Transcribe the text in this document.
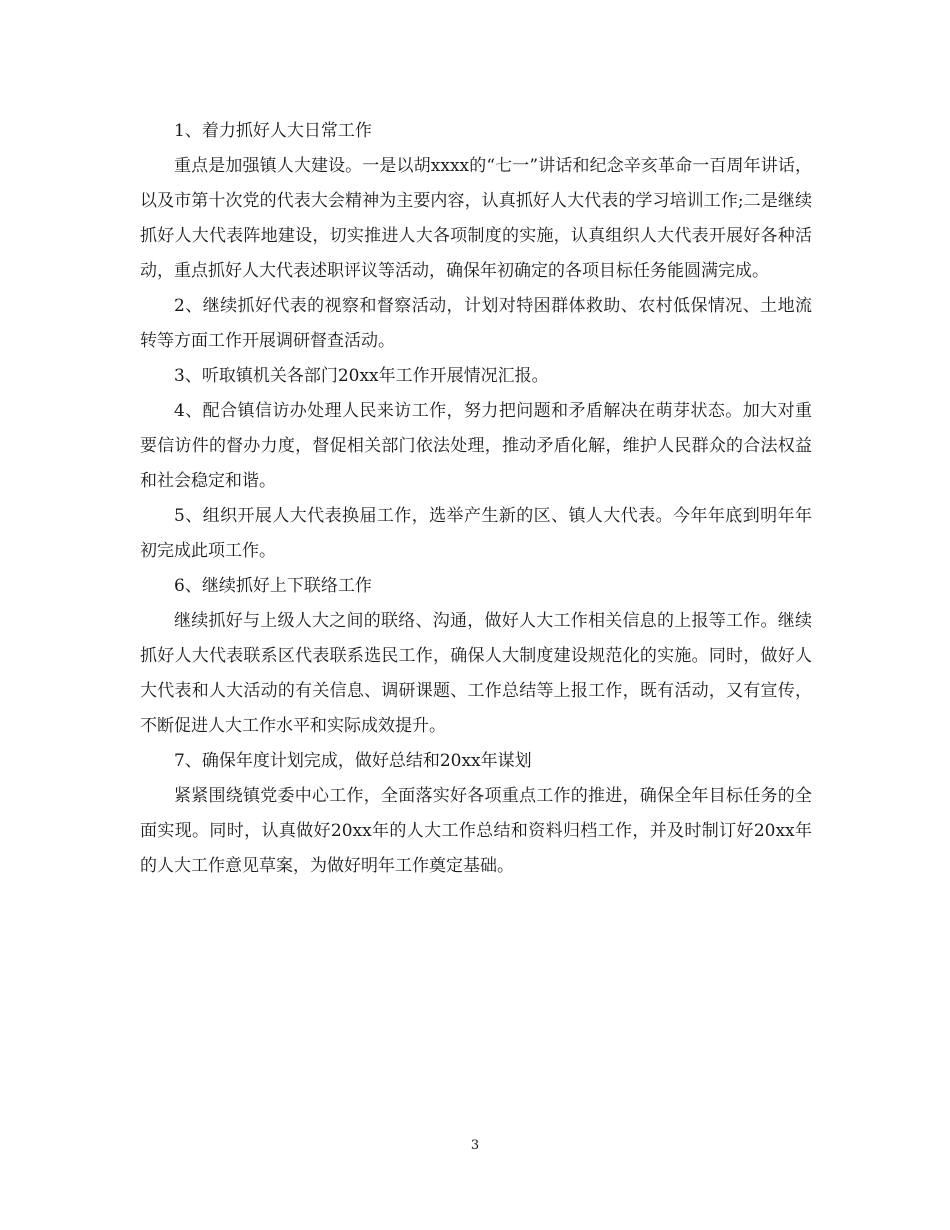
1、着力抓好人大日常工作

重点是加强镇人大建设。一是以胡xxxx的“七一”讲话和纪念辛亥革命一百周年讲话，以及市第十次党的代表大会精神为主要内容，认真抓好人大代表的学习培训工作;二是继续抓好人大代表阵地建设，切实推进人大各项制度的实施，认真组织人大代表开展好各种活动，重点抓好人大代表述职评议等活动，确保年初确定的各项目标任务能圆满完成。

2、继续抓好代表的视察和督察活动，计划对特困群体救助、农村低保情况、土地流转等方面工作开展调研督查活动。

3、听取镇机关各部门20xx年工作开展情况汇报。

4、配合镇信访办处理人民来访工作，努力把问题和矛盾解决在萌芽状态。加大对重要信访件的督办力度，督促相关部门依法处理，推动矛盾化解，维护人民群众的合法权益和社会稳定和谐。

5、组织开展人大代表换届工作，选举产生新的区、镇人大代表。今年年底到明年年初完成此项工作。

6、继续抓好上下联络工作

继续抓好与上级人大之间的联络、沟通，做好人大工作相关信息的上报等工作。继续抓好人大代表联系区代表联系选民工作，确保人大制度建设规范化的实施。同时，做好人大代表和人大活动的有关信息、调研课题、工作总结等上报工作，既有活动，又有宣传，不断促进人大工作水平和实际成效提升。

7、确保年度计划完成，做好总结和20xx年谋划

紧紧围绕镇党委中心工作，全面落实好各项重点工作的推进，确保全年目标任务的全面实现。同时，认真做好20xx年的人大工作总结和资料归档工作，并及时制订好20xx年的人大工作意见草案，为做好明年工作奠定基础。

3
